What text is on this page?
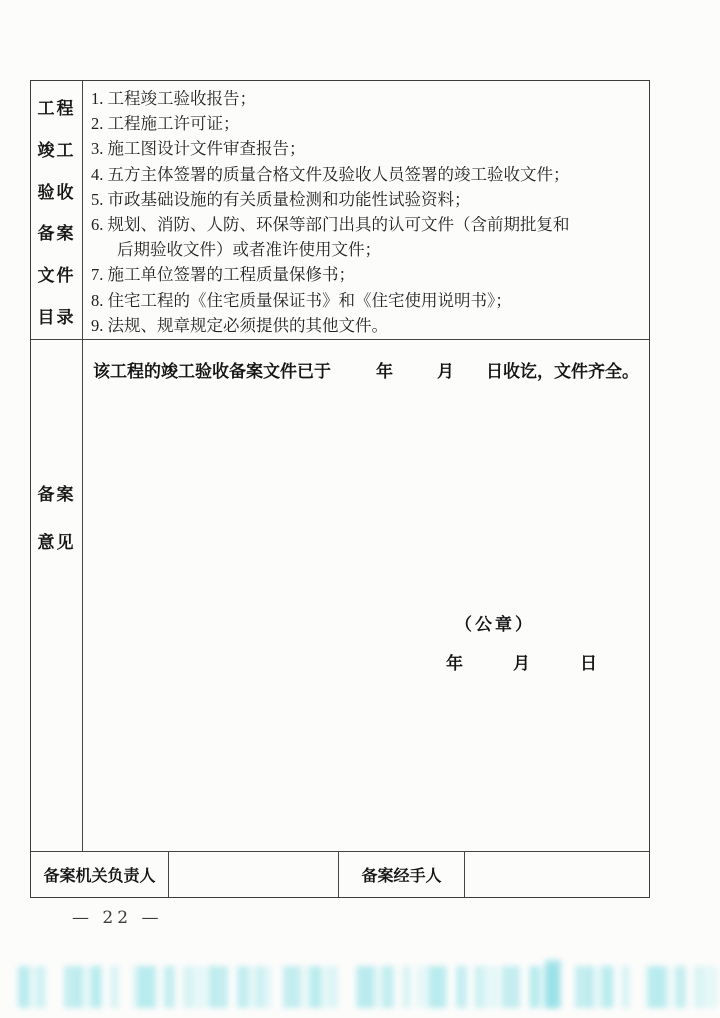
工程
竣工
验收
备案
文件
目录
1. 工程竣工验收报告；
2. 工程施工许可证；
3. 施工图设计文件审查报告；
4. 五方主体签署的质量合格文件及验收人员签署的竣工验收文件；
5. 市政基础设施的有关质量检测和功能性试验资料；
6. 规划、消防、人防、环保等部门出具的认可文件（含前期批复和
后期验收文件）或者准许使用文件；
7. 施工单位签署的工程质量保修书；
8. 住宅工程的《住宅质量保证书》和《住宅使用说明书》；
9. 法规、规章规定必须提供的其他文件。
备案
意见
该工程的竣工验收备案文件已于	年	月 日收讫，文件齐全。
（公章）
年	月	日
备案机关负责人	备案经手人
— 22 —
